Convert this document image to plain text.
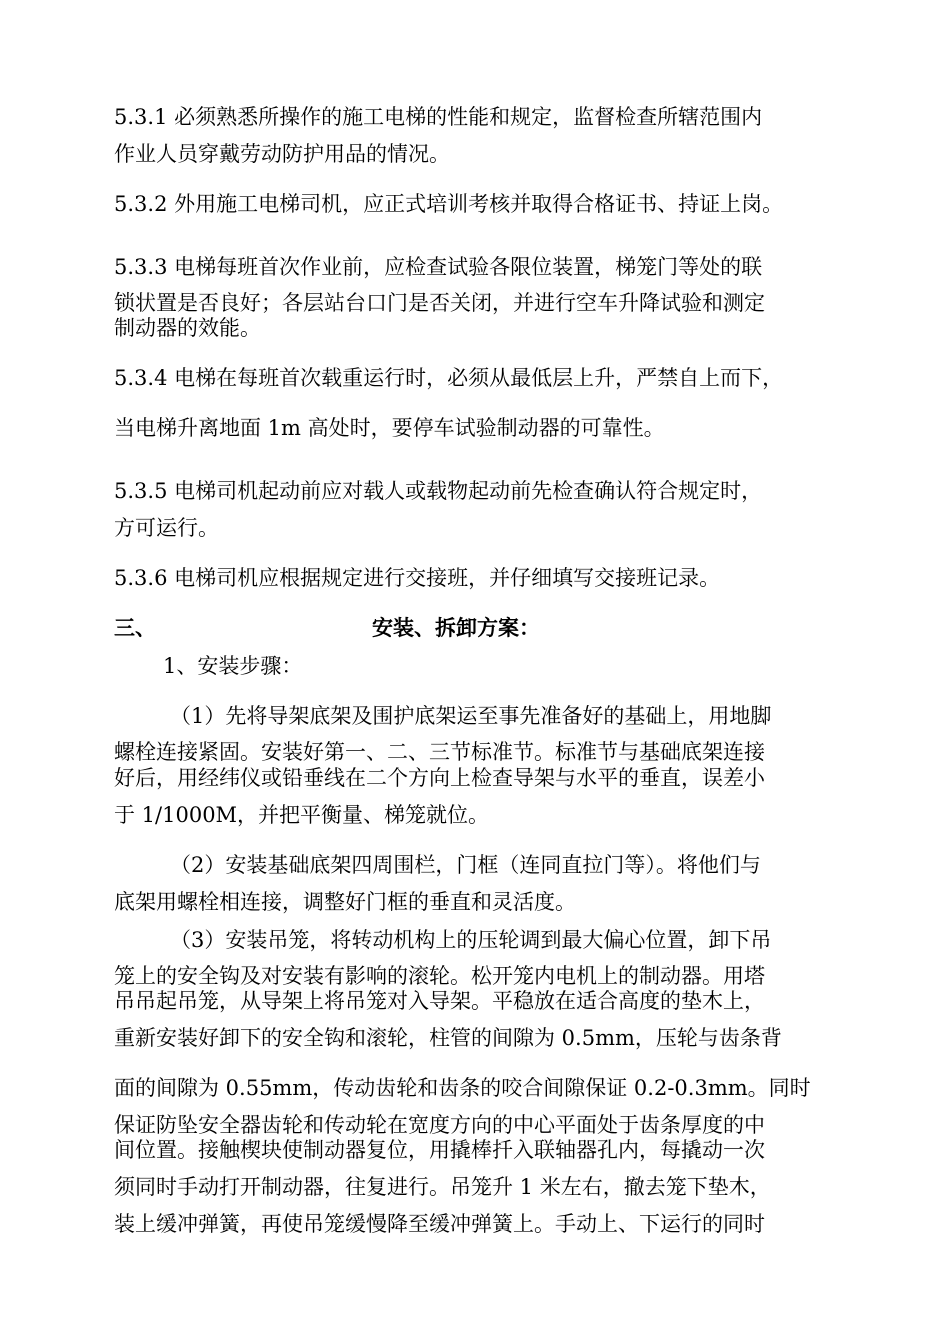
5.3.1 必须熟悉所操作的施工电梯的性能和规定，监督检查所辖范围内
作业人员穿戴劳动防护用品的情况。
5.3.2 外用施工电梯司机，应正式培训考核并取得合格证书、持证上岗。
5.3.3 电梯每班首次作业前，应检查试验各限位装置，梯笼门等处的联
锁状置是否良好；各层站台口门是否关闭，并进行空车升降试验和测定
制动器的效能。
5.3.4 电梯在每班首次载重运行时，必须从最低层上升，严禁自上而下，
当电梯升离地面 1m 高处时，要停车试验制动器的可靠性。
5.3.5 电梯司机起动前应对载人或载物起动前先检查确认符合规定时，
方可运行。
5.3.6 电梯司机应根据规定进行交接班，并仔细填写交接班记录。
三、	安装、拆卸方案：
1、安装步骤：
（1）先将导架底架及围护底架运至事先准备好的基础上，用地脚
螺栓连接紧固。安装好第一、二、三节标准节。标准节与基础底架连接
好后，用经纬仪或铅垂线在二个方向上检查导架与水平的垂直，误差小
于 1/1000M，并把平衡量、梯笼就位。
（2）安装基础底架四周围栏，门框（连同直拉门等）。将他们与
底架用螺栓相连接，调整好门框的垂直和灵活度。
（3）安装吊笼，将转动机构上的压轮调到最大偏心位置，卸下吊
笼上的安全钩及对安装有影响的滚轮。松开笼内电机上的制动器。用塔
吊吊起吊笼，从导架上将吊笼对入导架。平稳放在适合高度的垫木上，
重新安装好卸下的安全钩和滚轮，柱管的间隙为 0.5mm，压轮与齿条背
面的间隙为 0.55mm，传动齿轮和齿条的咬合间隙保证 0.2-0.3mm。同时
保证防坠安全器齿轮和传动轮在宽度方向的中心平面处于齿条厚度的中
间位置。接触楔块使制动器复位，用撬棒扦入联轴器孔内，每撬动一次
须同时手动打开制动器，往复进行。吊笼升 1 米左右，撤去笼下垫木，
装上缓冲弹簧，再使吊笼缓慢降至缓冲弹簧上。手动上、下运行的同时
